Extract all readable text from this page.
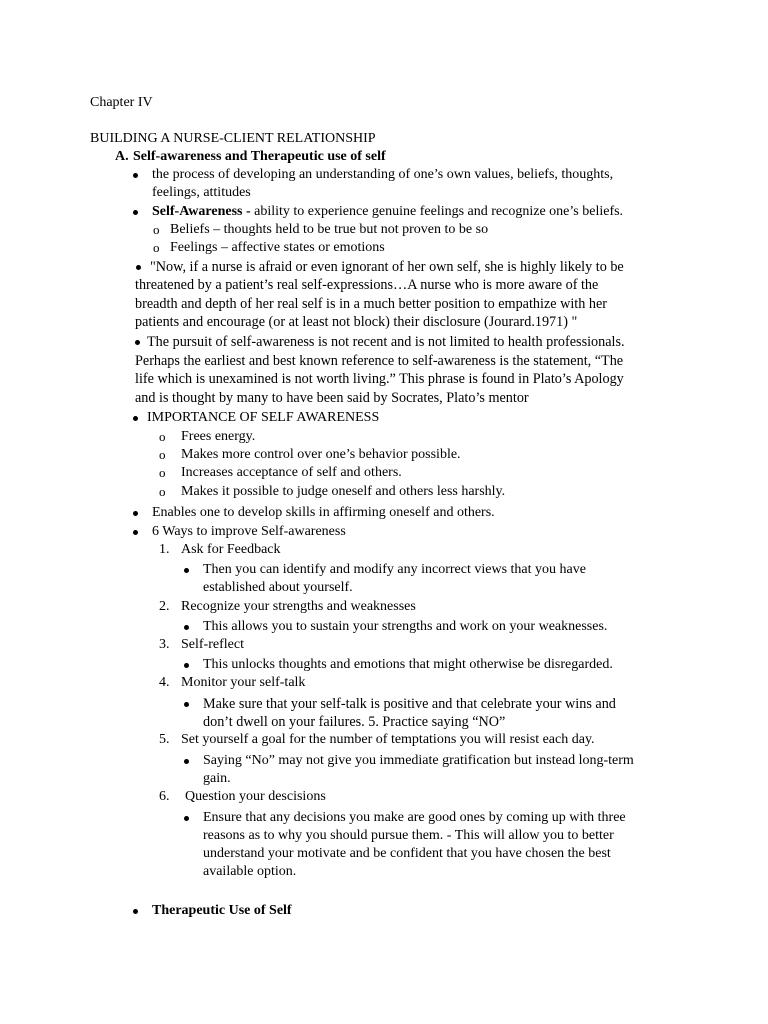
Chapter IV
BUILDING A NURSE-CLIENT RELATIONSHIP
A. Self-awareness and Therapeutic use of self
the process of developing an understanding of one’s own values, beliefs, thoughts,
feelings, attitudes
Self-Awareness - ability to experience genuine feelings and recognize one’s beliefs.
o Beliefs – thoughts held to be true but not proven to be so
o Feelings – affective states or emotions
"Now, if a nurse is afraid or even ignorant of her own self, she is highly likely to be
threatened by a patient’s real self-expressions…A nurse who is more aware of the
breadth and depth of her real self is in a much better position to empathize with her
patients and encourage (or at least not block) their disclosure (Jourard.1971) "
The pursuit of self-awareness is not recent and is not limited to health professionals.
Perhaps the earliest and best known reference to self-awareness is the statement, “The
life which is unexamined is not worth living.” This phrase is found in Plato’s Apology
and is thought by many to have been said by Socrates, Plato’s mentor
IMPORTANCE OF SELF AWARENESS
o Frees energy.
o Makes more control over one’s behavior possible.
o Increases acceptance of self and others.
o Makes it possible to judge oneself and others less harshly.
Enables one to develop skills in affirming oneself and others.
6 Ways to improve Self-awareness
1. Ask for Feedback
Then you can identify and modify any incorrect views that you have
established about yourself.
2. Recognize your strengths and weaknesses
This allows you to sustain your strengths and work on your weaknesses.
3. Self-reflect
This unlocks thoughts and emotions that might otherwise be disregarded.
4. Monitor your self-talk
Make sure that your self-talk is positive and that celebrate your wins and
don’t dwell on your failures. 5. Practice saying “NO”
5. Set yourself a goal for the number of temptations you will resist each day.
Saying “No” may not give you immediate gratification but instead long-term
gain.
6. Question your descisions
Ensure that any decisions you make are good ones by coming up with three
reasons as to why you should pursue them. - This will allow you to better
understand your motivate and be confident that you have chosen the best
available option.
Therapeutic Use of Self
